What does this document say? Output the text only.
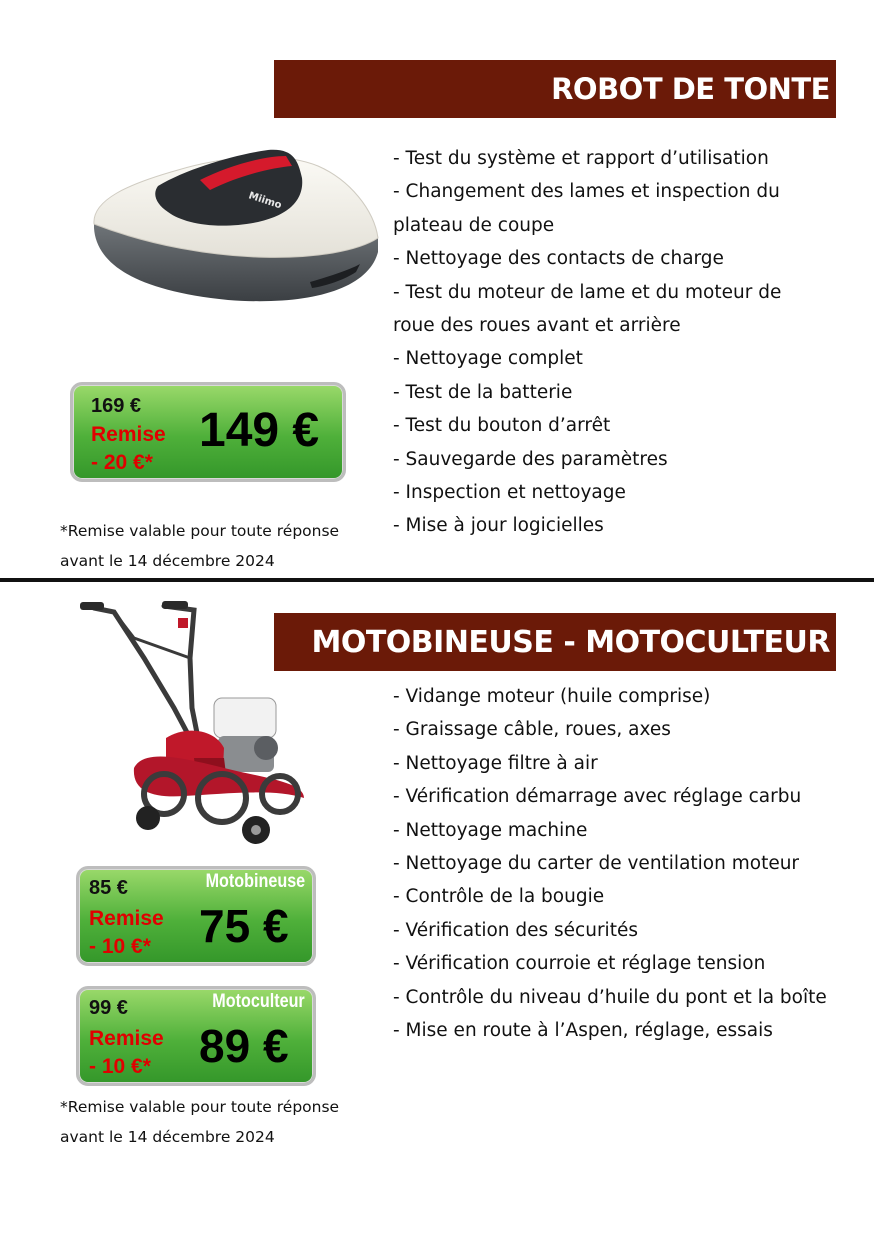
ROBOT DE TONTE
Miimo
- Test du système et rapport d’utilisation
- Changement des lames et inspection du
plateau de coupe
- Nettoyage des contacts de charge
- Test du moteur de lame et du moteur de
roue des roues avant et arrière
- Nettoyage complet
- Test de la batterie
- Test du bouton d’arrêt
- Sauvegarde des paramètres
- Inspection et nettoyage
- Mise à jour logicielles
169 €
Remise
- 20 €*
149 €
*Remise valable pour toute réponse
avant le 14 décembre 2024
MOTOBINEUSE - MOTOCULTEUR
- Vidange moteur (huile comprise)
- Graissage câble, roues, axes
- Nettoyage filtre à air
- Vérification démarrage avec réglage carbu
- Nettoyage machine
- Nettoyage du carter de ventilation moteur
- Contrôle de la bougie
- Vérification des sécurités
- Vérification courroie et réglage tension
- Contrôle du niveau d’huile du pont et la boîte
- Mise en route à l’Aspen, réglage, essais
Motobineuse
85 €
Remise
- 10 €* 75 €
Motoculteur
99 €
Remise
- 10 €* 89 €
*Remise valable pour toute réponse
avant le 14 décembre 2024
